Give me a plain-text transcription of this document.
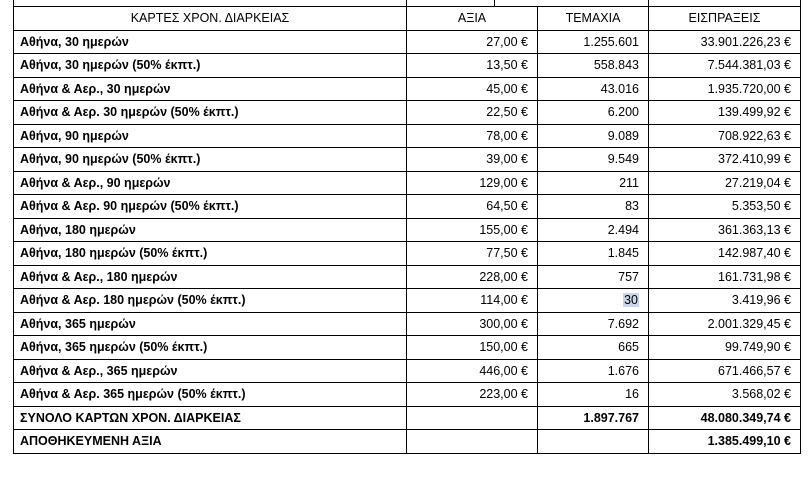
ΚΑΡΤΕΣ ΧΡΟΝ. ΔΙΑΡΚΕΙΑΣ	ΑΞΙΑ	ΤΕΜΑΧΙΑ	ΕΙΣΠΡΑΞΕΙΣ
Αθήνα, 30 ημερών	27,00 €	1.255.601	33.901.226,23 €
Αθήνα, 30 ημερών (50% έκπτ.)	13,50 €	558.843	7.544.381,03 €
Αθήνα & Αερ., 30 ημερών	45,00 €	43.016	1.935.720,00 €
Αθήνα & Αερ. 30 ημερών (50% έκπτ.)	22,50 €	6.200	139.499,92 €
Αθήνα, 90 ημερών	78,00 €	9.089	708.922,63 €
Αθήνα, 90 ημερών (50% έκπτ.)	39,00 €	9.549	372.410,99 €
Αθήνα & Αερ., 90 ημερών	129,00 €	211	27.219,04 €
Αθήνα & Αερ. 90 ημερών (50% έκπτ.)	64,50 €	83	5.353,50 €
Αθήνα, 180 ημερών	155,00 €	2.494	361.363,13 €
Αθήνα, 180 ημερών (50% έκπτ.)	77,50 €	1.845	142.987,40 €
Αθήνα & Αερ., 180 ημερών	228,00 €	757	161.731,98 €
Αθήνα & Αερ. 180 ημερών (50% έκπτ.)	114,00 €	30	3.419,96 €
Αθήνα, 365 ημερών	300,00 €	7.692	2.001.329,45 €
Αθήνα, 365 ημερών (50% έκπτ.)	150,00 €	665	99.749,90 €
Αθήνα & Αερ., 365 ημερών	446,00 €	1.676	671.466,57 €
Αθήνα & Αερ. 365 ημερών (50% έκπτ.)	223,00 €	16	3.568,02 €
ΣΥΝΟΛΟ ΚΑΡΤΩΝ ΧΡΟΝ. ΔΙΑΡΚΕΙΑΣ		1.897.767	48.080.349,74 €
ΑΠΟΘΗΚΕΥΜΕΝΗ ΑΞΙΑ			1.385.499,10 €
